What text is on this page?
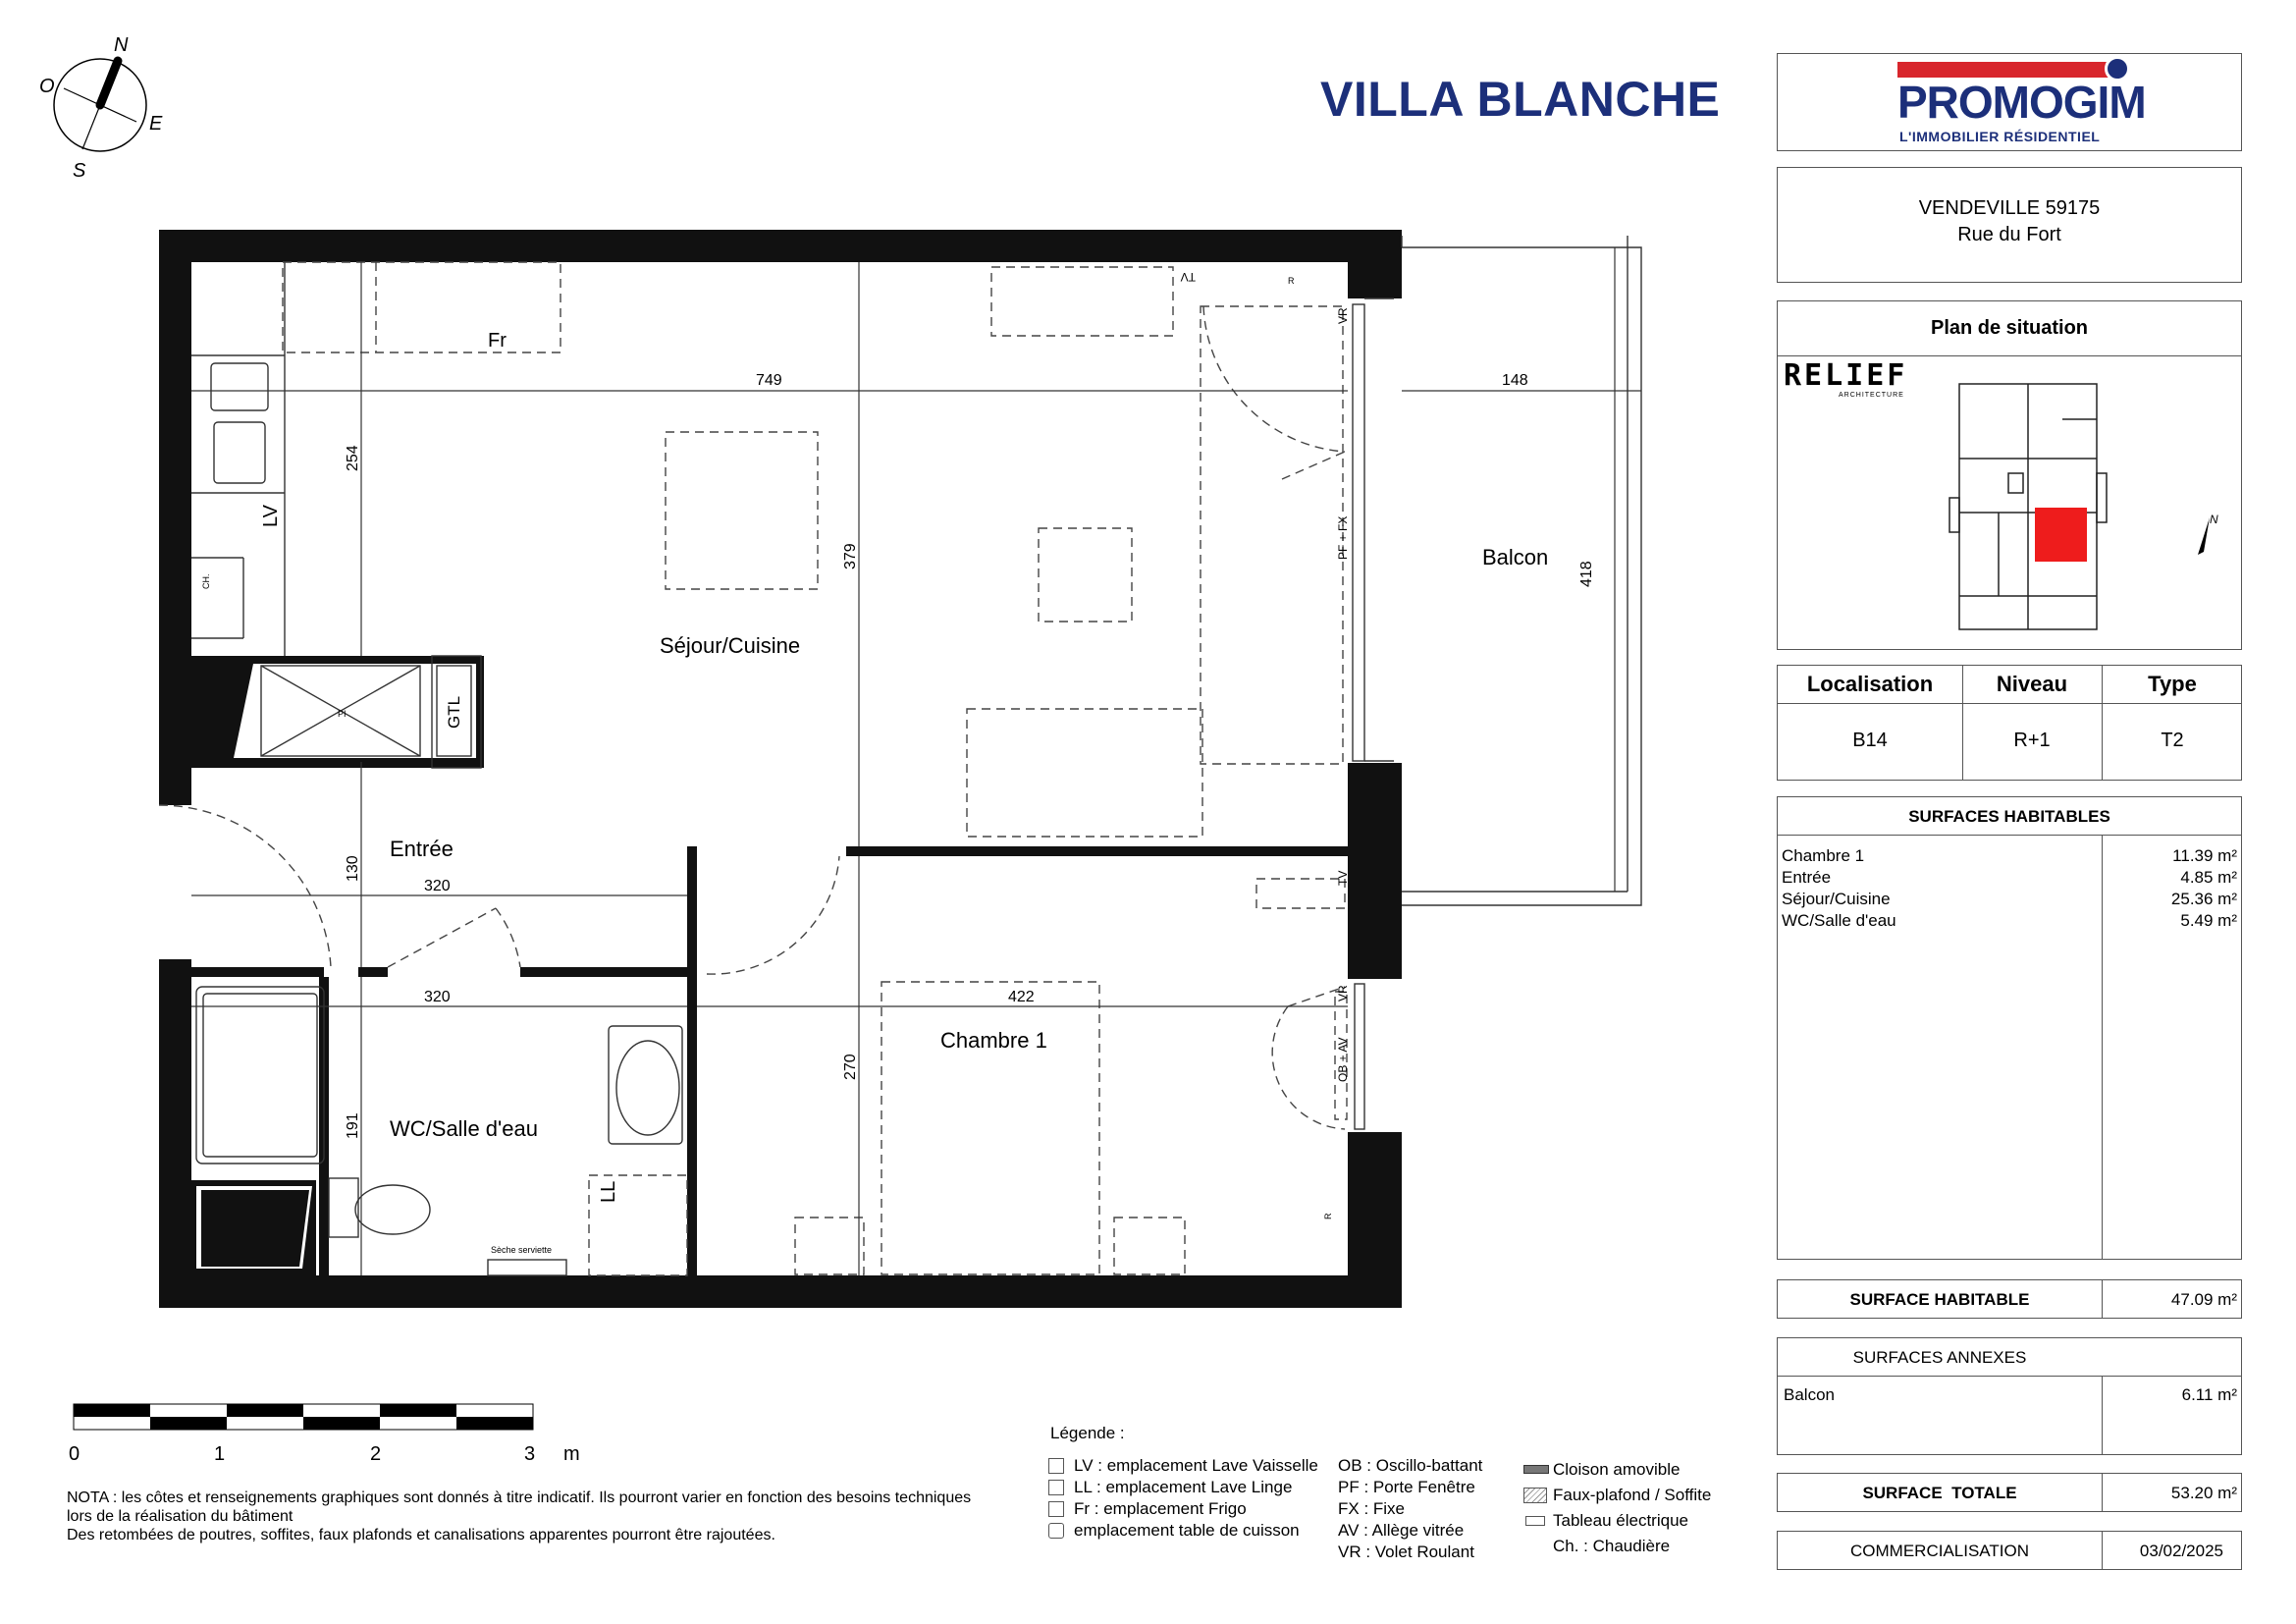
VILLA BLANCHE
N
E
S
O
Séjour/Cuisine
Entrée
WC/Salle d'eau
Chambre 1
Balcon
749	148
320
320	422
254
379
418
130
191
270
Fr
LV
LL
GTL
TV
TV
VR
VR
PF + FX
OB + AV
Sèche serviette
CH.
PI
R
R
PROMOGIM
L'IMMOBILIER RÉSIDENTIEL
VENDEVILLE 59175
Rue du Fort
Plan de situation
RELIEF
ARCHITECTURE
N
Localisation	Niveau	Type
B14	R+1	T2
SURFACES HABITABLES
Chambre 1	11.39 m²
Entrée	4.85 m²
Séjour/Cuisine	25.36 m²
WC/Salle d'eau	5.49 m²
SURFACE HABITABLE	47.09 m²
SURFACES ANNEXES
Balcon	6.11 m²
SURFACE  TOTALE	53.20 m²
COMMERCIALISATION	03/02/2025
0	1	2	3 m
NOTA : les côtes et renseignements graphiques sont donnés à titre indicatif. Ils pourront varier en fonction des besoins techniques
lors de la réalisation du bâtiment
Des retombées de poutres, soffites, faux plafonds et canalisations apparentes pourront être rajoutées.
Légende :
LV : emplacement Lave Vaisselle
LL : emplacement Lave Linge
Fr : emplacement Frigo
emplacement table de cuisson
OB : Oscillo-battant
PF : Porte Fenêtre
FX : Fixe
AV : Allège vitrée
VR : Volet Roulant
Cloison amovible
Faux-plafond / Soffite
Tableau électrique
Ch. : Chaudière
